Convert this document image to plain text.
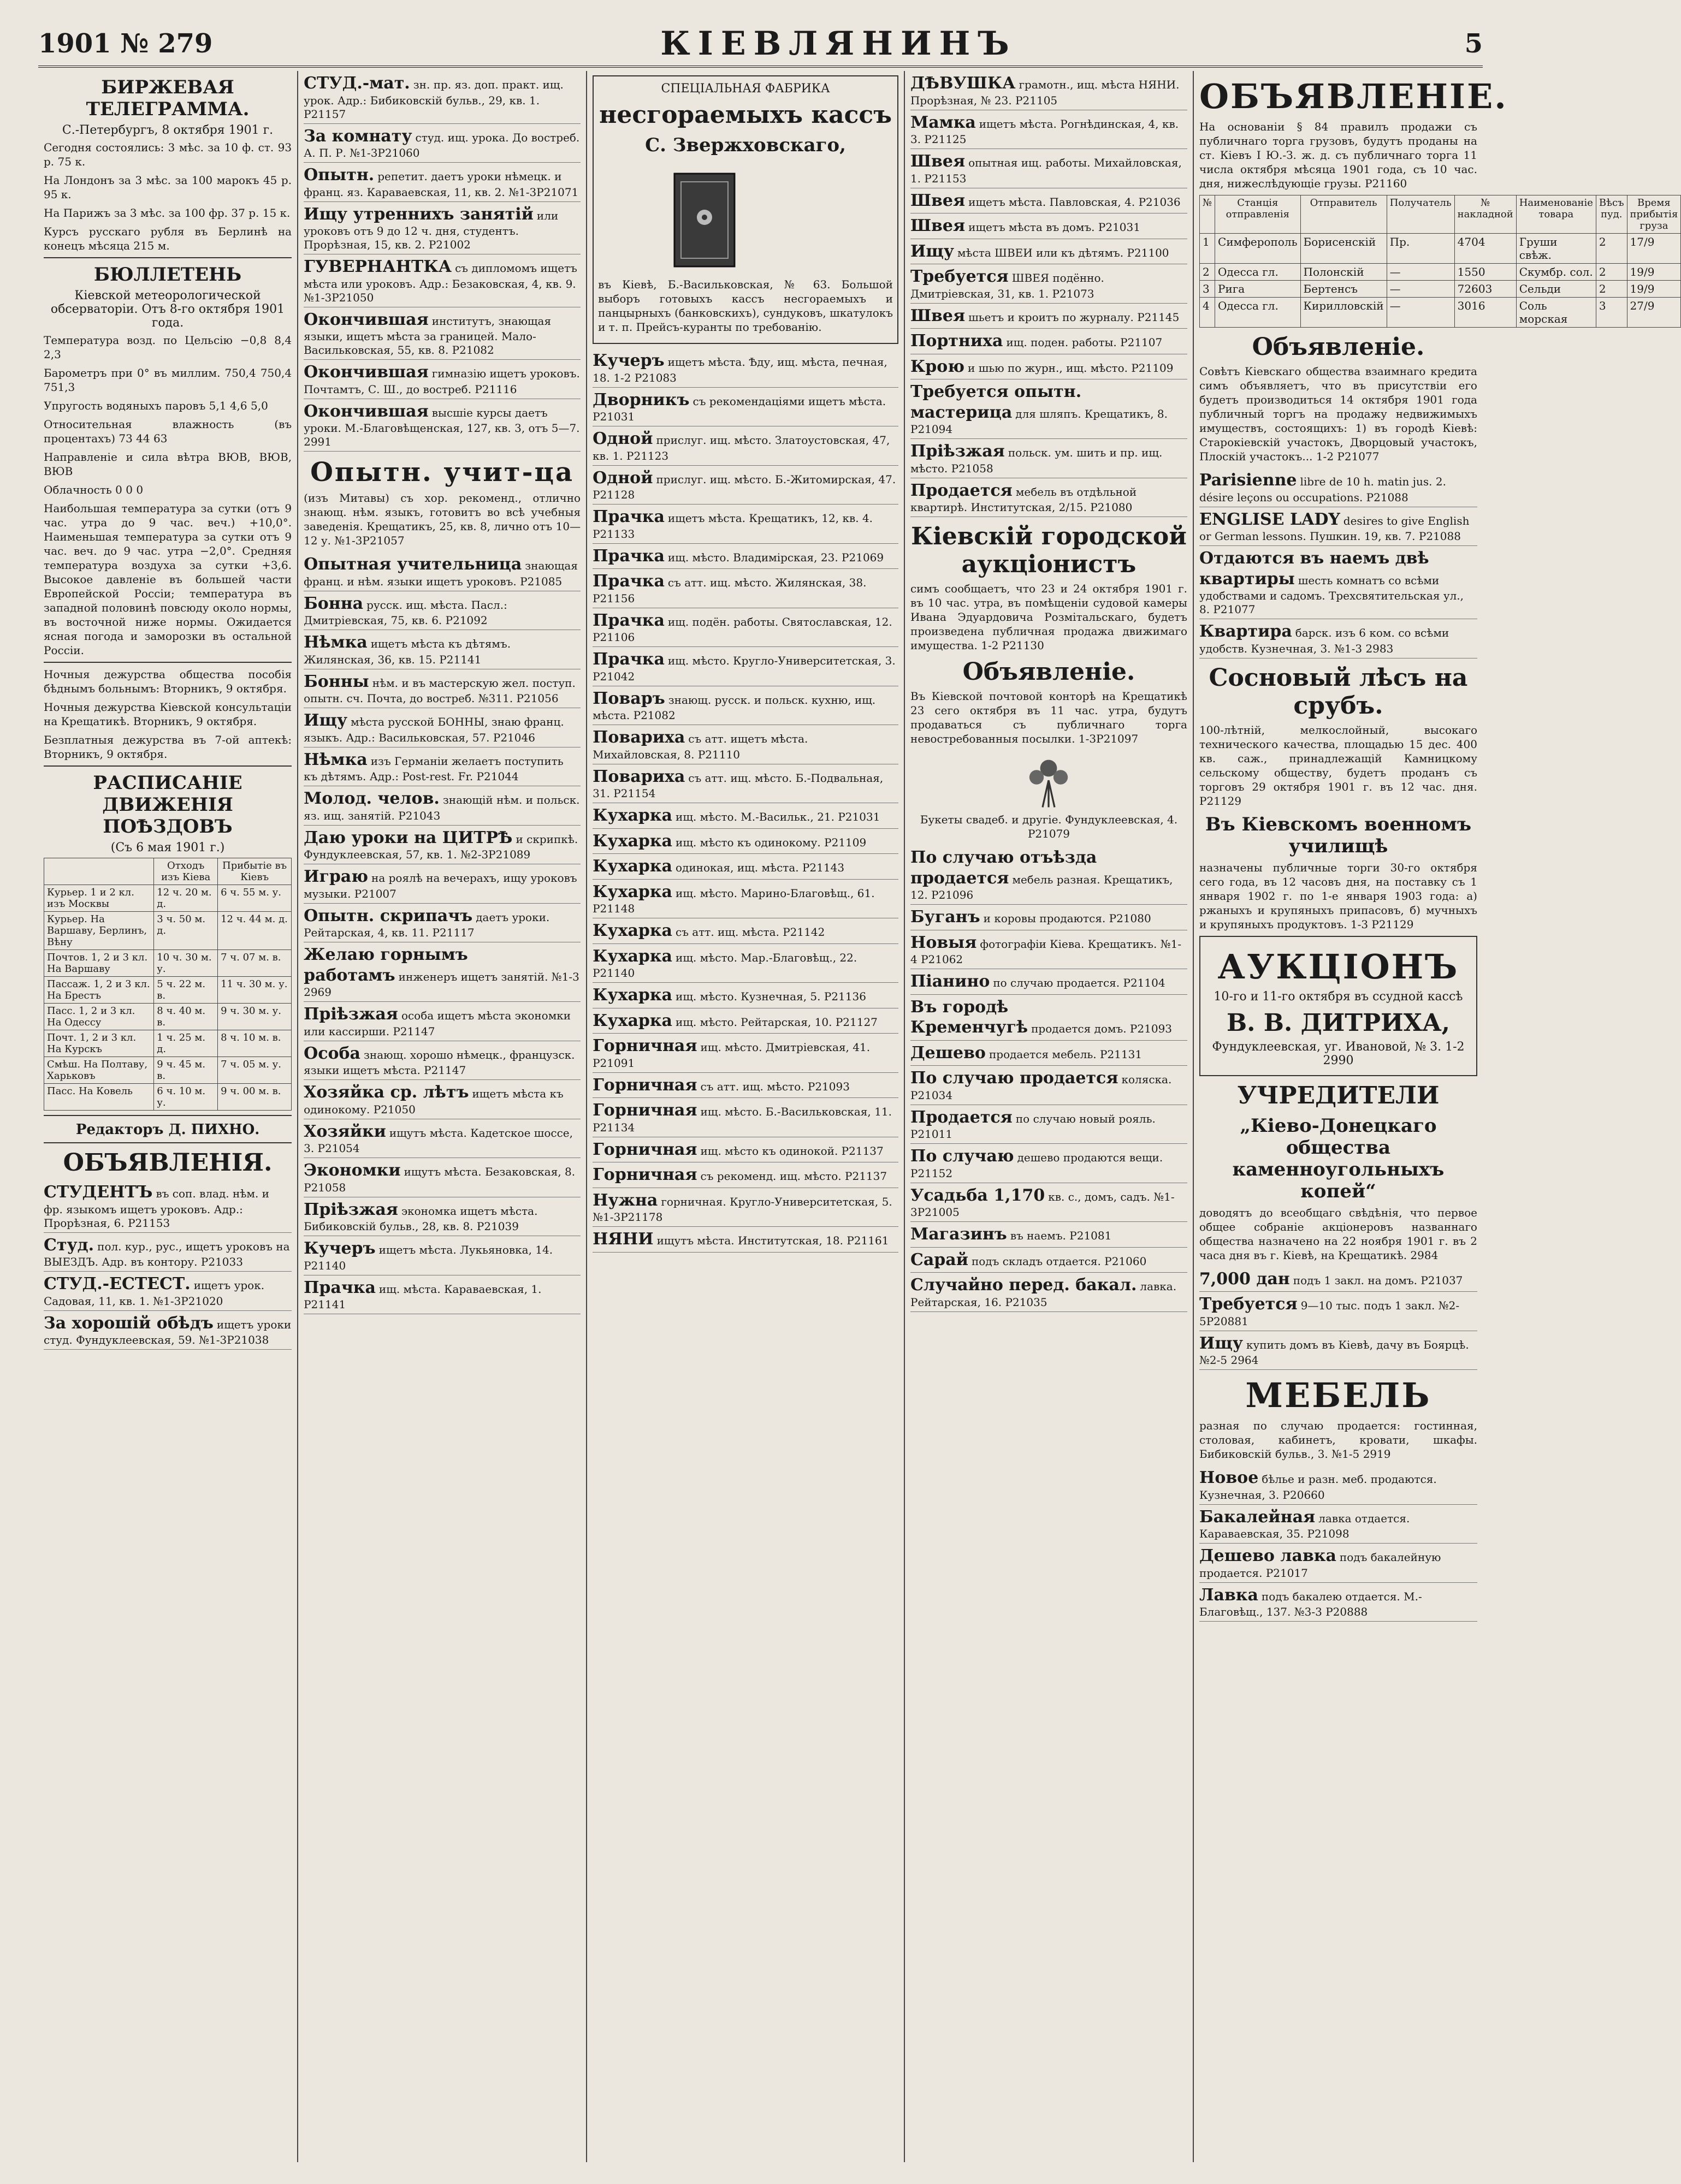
1901 № 279	КІЕВЛЯНИНЪ	5
БИРЖЕВАЯ ТЕЛЕГРАММА.
С.-Петербургъ, 8 октября 1901 г.
Сегодня состоялись: 3 мѣс. за 10 ф. ст. 93 р. 75 к.
На Лондонъ за 3 мѣс. за 100 марокъ 45 р. 95 к.
На Парижъ за 3 мѣс. за 100 фр. 37 р. 15 к.
Курсъ русскаго рубля въ Берлинѣ на конецъ мѣсяца 215 м.
БЮЛЛЕТЕНЬ
Кіевской метеорологической обсерваторіи. Отъ 8-го октября 1901 года.
Температура возд. по Цельсію −0,8 8,4 2,3
Барометръ при 0° въ миллим. 750,4 750,4 751,3
Упругость водяныхъ паровъ 5,1 4,6 5,0
Относительная влажность (въ процентахъ) 73 44 63
Направленіе и сила вѣтра ВЮВ, ВЮВ, ВЮВ
Облачность 0 0 0
Наибольшая температура за сутки (отъ 9 час. утра до 9 час. веч.) +10,0°. Наименьшая температура за сутки отъ 9 час. веч. до 9 час. утра −2,0°. Средняя температура воздуха за сутки +3,6. Высокое давленіе въ большей части Европейской Россіи; температура въ западной половинѣ повсюду около нормы, въ восточной ниже нормы. Ожидается ясная погода и заморозки въ остальной Россіи.
Ночныя дежурства общества пособія бѣднымъ больнымъ: Вторникъ, 9 октября.
Ночныя дежурства Кіевской консультаціи на Крещатикѣ. Вторникъ, 9 октября.
Безплатныя дежурства въ 7-ой аптекѣ: Вторникъ, 9 октября.
РАСПИСАНІЕ ДВИЖЕНІЯ ПОѢЗДОВЪ
(Съ 6 мая 1901 г.)
	Отходъ изъ Кіева	Прибытіе въ Кіевъ
Курьер. 1 и 2 кл. изъ Москвы	12 ч. 20 м. д.	6 ч. 55 м. у.
Курьер. На Варшаву, Берлинъ, Вѣну	3 ч. 50 м. д.	12 ч. 44 м. д.
Почтов. 1, 2 и 3 кл. На Варшаву	10 ч. 30 м. у.	7 ч. 07 м. в.
Пассаж. 1, 2 и 3 кл. На Брестъ	5 ч. 22 м. в.	11 ч. 30 м. у.
Пасс. 1, 2 и 3 кл. На Одессу	8 ч. 40 м. в.	9 ч. 30 м. у.
Почт. 1, 2 и 3 кл. На Курскъ	1 ч. 25 м. д.	8 ч. 10 м. в.
Смѣш. На Полтаву, Харьковъ	9 ч. 45 м. в.	7 ч. 05 м. у.
Пасс. На Ковель	6 ч. 10 м. у.	9 ч. 00 м. в.
Редакторъ Д. ПИХНО.
ОБЪЯВЛЕНІЯ.
СТУДЕНТЪ въ соп. влад. нѣм. и фр. языкомъ ищетъ уроковъ. Адр.: Прорѣзная, 6. Р21153
Студ. пол. кур., рус., ищетъ уроковъ на ВЫЕЗДЪ. Адр. въ контору. Р21033
СТУД.-ЕСТЕСТ. ищетъ урок. Садовая, 11, кв. 1. №1-3Р21020
За хорошій обѣдъ ищетъ уроки студ. Фундуклеевская, 59. №1-3Р21038
СТУД.-мат. зн. пр. яз. доп. практ. ищ. урок. Адр.: Бибиковскій бульв., 29, кв. 1. Р21157
За комнату студ. ищ. урока. До востреб. А. П. Р. №1-3Р21060
Опытн. репетит. даетъ уроки нѣмецк. и франц. яз. Караваевская, 11, кв. 2. №1-3Р21071
Ищу утреннихъ занятій или уроковъ отъ 9 до 12 ч. дня, студентъ. Прорѣзная, 15, кв. 2. Р21002
ГУВЕРНАНТКА съ дипломомъ ищетъ мѣста или уроковъ. Адр.: Безаковская, 4, кв. 9. №1-3Р21050
Окончившая институтъ, знающая языки, ищетъ мѣста за границей. Мало-Васильковская, 55, кв. 8. Р21082
Окончившая гимназію ищетъ уроковъ. Почтамтъ, С. Ш., до востреб. Р21116
Окончившая высшіе курсы даетъ уроки. М.-Благовѣщенская, 127, кв. 3, отъ 5—7. 2991
Опытн. учит-ца
(изъ Митавы) съ хор. рекоменд., отлично знающ. нѣм. языкъ, готовитъ во всѣ учебныя заведенія. Крещатикъ, 25, кв. 8, лично отъ 10—12 у. №1-3Р21057
Опытная учительница знающая франц. и нѣм. языки ищетъ уроковъ. Р21085
Бонна русск. ищ. мѣста. Пасл.: Дмитріевская, 75, кв. 6. Р21092
Нѣмка ищетъ мѣста къ дѣтямъ. Жилянская, 36, кв. 15. Р21141
Бонны нѣм. и въ мастерскую жел. поступ. опытн. сч. Почта, до востреб. №311. Р21056
Ищу мѣста русской БОННЫ, знаю франц. языкъ. Адр.: Васильковская, 57. Р21046
Нѣмка изъ Германіи желаетъ поступить къ дѣтямъ. Адр.: Post-rest. Fr. Р21044
Молод. челов. знающій нѣм. и польск. яз. ищ. занятій. Р21043
Даю уроки на ЦИТРѢ и скрипкѣ. Фундуклеевская, 57, кв. 1. №2-3Р21089
Играю на роялѣ на вечерахъ, ищу уроковъ музыки. Р21007
Опытн. скрипачъ даетъ уроки. Рейтарская, 4, кв. 11. Р21117
Желаю горнымъ работамъ инженеръ ищетъ занятій. №1-3 2969
Пріѣзжая особа ищетъ мѣста экономки или кассирши. Р21147
Особа знающ. хорошо нѣмецк., французск. языки ищетъ мѣста. Р21147
Хозяйка ср. лѣтъ ищетъ мѣста къ одинокому. Р21050
Хозяйки ищутъ мѣста. Кадетское шоссе, 3. Р21054
Экономки ищутъ мѣста. Безаковская, 8. Р21058
Пріѣзжая экономка ищетъ мѣста. Бибиковскій бульв., 28, кв. 8. Р21039
Кучеръ ищетъ мѣста. Лукьяновка, 14. Р21140
Прачка ищ. мѣста. Караваевская, 1. Р21141
СПЕЦІАЛЬНАЯ ФАБРИКА
несгораемыхъ кассъ
С. Звержховскаго,
въ Кіевѣ, Б.-Васильковская, № 63. Большой выборъ готовыхъ кассъ несгораемыхъ и панцырныхъ (банковскихъ), сундуковъ, шкатулокъ и т. п. Прейсъ-куранты по требованію.
Кучеръ ищетъ мѣста. Ѣду, ищ. мѣста, печная, 18. 1-2 Р21083
Дворникъ съ рекомендаціями ищетъ мѣста. Р21031
Одной прислуг. ищ. мѣсто. Златоустовская, 47, кв. 1. Р21123
Одной прислуг. ищ. мѣсто. Б.-Житомирская, 47. Р21128
Прачка ищетъ мѣста. Крещатикъ, 12, кв. 4. Р21133
Прачка ищ. мѣсто. Владимірская, 23. Р21069
Прачка съ атт. ищ. мѣсто. Жилянская, 38. Р21156
Прачка ищ. подён. работы. Святославская, 12. Р21106
Прачка ищ. мѣсто. Кругло-Университетская, 3. Р21042
Поваръ знающ. русск. и польск. кухню, ищ. мѣста. Р21082
Повариха съ атт. ищетъ мѣста. Михайловская, 8. Р21110
Повариха съ атт. ищ. мѣсто. Б.-Подвальная, 31. Р21154
Кухарка ищ. мѣсто. М.-Васильк., 21. Р21031
Кухарка ищ. мѣсто къ одинокому. Р21109
Кухарка одинокая, ищ. мѣста. Р21143
Кухарка ищ. мѣсто. Марино-Благовѣщ., 61. Р21148
Кухарка съ атт. ищ. мѣста. Р21142
Кухарка ищ. мѣсто. Мар.-Благовѣщ., 22. Р21140
Кухарка ищ. мѣсто. Кузнечная, 5. Р21136
Кухарка ищ. мѣсто. Рейтарская, 10. Р21127
Горничная ищ. мѣсто. Дмитріевская, 41. Р21091
Горничная съ атт. ищ. мѣсто. Р21093
Горничная ищ. мѣсто. Б.-Васильковская, 11. Р21134
Горничная ищ. мѣсто къ одинокой. Р21137
Горничная съ рекоменд. ищ. мѣсто. Р21137
Нужна горничная. Кругло-Университетская, 5. №1-3Р21178
НЯНИ ищутъ мѣста. Институтская, 18. Р21161
ДѢВУШКА грамотн., ищ. мѣста НЯНИ. Прорѣзная, № 23. Р21105
Мамка ищетъ мѣста. Рогнѣдинская, 4, кв. 3. Р21125
Швея опытная ищ. работы. Михайловская, 1. Р21153
Швея ищетъ мѣста. Павловская, 4. Р21036
Швея ищетъ мѣста въ домъ. Р21031
Ищу мѣста ШВЕИ или къ дѣтямъ. Р21100
Требуется ШВЕЯ подённо. Дмитріевская, 31, кв. 1. Р21073
Швея шьетъ и кроитъ по журналу. Р21145
Портниха ищ. поден. работы. Р21107
Крою и шью по журн., ищ. мѣсто. Р21109
Требуется опытн. мастерица для шляпъ. Крещатикъ, 8. Р21094
Пріѣзжая польск. ум. шить и пр. ищ. мѣсто. Р21058
Продается мебель въ отдѣльной квартирѣ. Институтская, 2/15. Р21080
Кіевскій городской аукціонистъ
симъ сообщаетъ, что 23 и 24 октября 1901 г. въ 10 час. утра, въ помѣщеніи судовой камеры Ивана Эдуардовича Розмітальскаго, будетъ произведена публичная продажа движимаго имущества. 1-2 Р21130
Объявленіе.
Въ Кіевской почтовой конторѣ на Крещатикѣ 23 сего октября въ 11 час. утра, будутъ продаваться съ публичнаго торга невостребованныя посылки. 1-3Р21097
Букеты свадеб. и другіе. Фундуклеевская, 4. Р21079
По случаю отъѣзда продается мебель разная. Крещатикъ, 12. Р21096
Буганъ и коровы продаются. Р21080
Новыя фотографіи Кіева. Крещатикъ. №1-4 Р21062
Пiанино по случаю продается. Р21104
Въ городѣ Кременчугѣ продается домъ. Р21093
Дешево продается мебель. Р21131
По случаю продается коляска. Р21034
Продается по случаю новый рояль. Р21011
По случаю дешево продаются вещи. Р21152
Усадьба 1,170 кв. с., домъ, садъ. №1-3Р21005
Магазинъ въ наемъ. Р21081
Сарай подъ складъ отдается. Р21060
Случайно перед. бакал. лавка. Рейтарская, 16. Р21035
ОБЪЯВЛЕНІЕ.
На основаніи § 84 правилъ продажи съ публичнаго торга грузовъ, будутъ проданы на ст. Кіевъ I Ю.-З. ж. д. съ публичнаго торга 11 числа октября мѣсяца 1901 года, съ 10 час. дня, нижеслѣдующіе грузы. Р21160
№	Станція отправленія	Отправитель	Получатель	№ накладной	Наименованіе товара	Вѣсъ пуд.	Время прибытія груза
1	Симферополь	Борисенскій	Пр.	4704	Груши свѣж.	2	17/9
2	Одесса гл.	Полонскій	—	1550	Скумбр. сол.	2	19/9
3	Рига	Бертенсъ	—	72603	Сельди	2	19/9
4	Одесса гл.	Кирилловскій	—	3016	Соль морская	3	27/9
Объявленіе.
Совѣтъ Кіевскаго общества взаимнаго кредита симъ объявляетъ, что въ присутствіи его будетъ производиться 14 октября 1901 года публичный торгъ на продажу недвижимыхъ имуществъ, состоящихъ: 1) въ городѣ Кіевѣ: Старокіевскій участокъ, Дворцовый участокъ, Плоскій участокъ... 1-2 Р21077
Parisienne libre de 10 h. matin jus. 2. désire leçons ou occupations. Р21088
ENGLISE LADY desires to give English or German lessons. Пушкин. 19, кв. 7. Р21088
Отдаются въ наемъ двѣ квартиры шесть комнатъ со всѣми удобствами и садомъ. Трехсвятительская ул., 8. Р21077
Квартира барск. изъ 6 ком. со всѣми удобств. Кузнечная, 3. №1-3 2983
Сосновый лѣсъ на срубъ.
100-лѣтній, мелкослойный, высокаго технического качества, площадью 15 дес. 400 кв. саж., принадлежащій Камницкому сельскому обществу, будетъ проданъ съ торговъ 29 октября 1901 г. въ 12 час. дня. Р21129
Въ Кіевскомъ военномъ училищѣ
назначены публичные торги 30-го октября сего года, въ 12 часовъ дня, на поставку съ 1 января 1902 г. по 1-е января 1903 года: а) ржаныхъ и крупяныхъ припасовъ, б) мучныхъ и крупяныхъ продуктовъ. 1-3 Р21129
АУКЦІОНЪ
10-го и 11-го октября въ ссудной кассѣ
В. В. ДИТРИХА,
Фундуклеевская, уг. Ивановой, № 3. 1-2 2990
УЧРЕДИТЕЛИ
„Кіево-Донецкаго общества каменноугольныхъ копей“
доводятъ до всеобщаго свѣдѣнія, что первое общее собраніе акціонеровъ названнаго общества назначено на 22 ноября 1901 г. въ 2 часа дня въ г. Кіевѣ, на Крещатикѣ. 2984
7,000 дан подъ 1 закл. на домъ. Р21037
Требуется 9—10 тыс. подъ 1 закл. №2-5Р20881
Ищу купить домъ въ Кіевѣ, дачу въ Боярцѣ. №2-5 2964
МЕБЕЛЬ
разная по случаю продается: гостинная, столовая, кабинетъ, кровати, шкафы. Бибиковскій бульв., 3. №1-5 2919
Новое бѣлье и разн. меб. продаются. Кузнечная, 3. Р20660
Бакалейная лавка отдается. Караваевская, 35. Р21098
Дешево лавка подъ бакалейную продается. Р21017
Лавка подъ бакалею отдается. М.-Благовѣщ., 137. №3-3 Р20888
